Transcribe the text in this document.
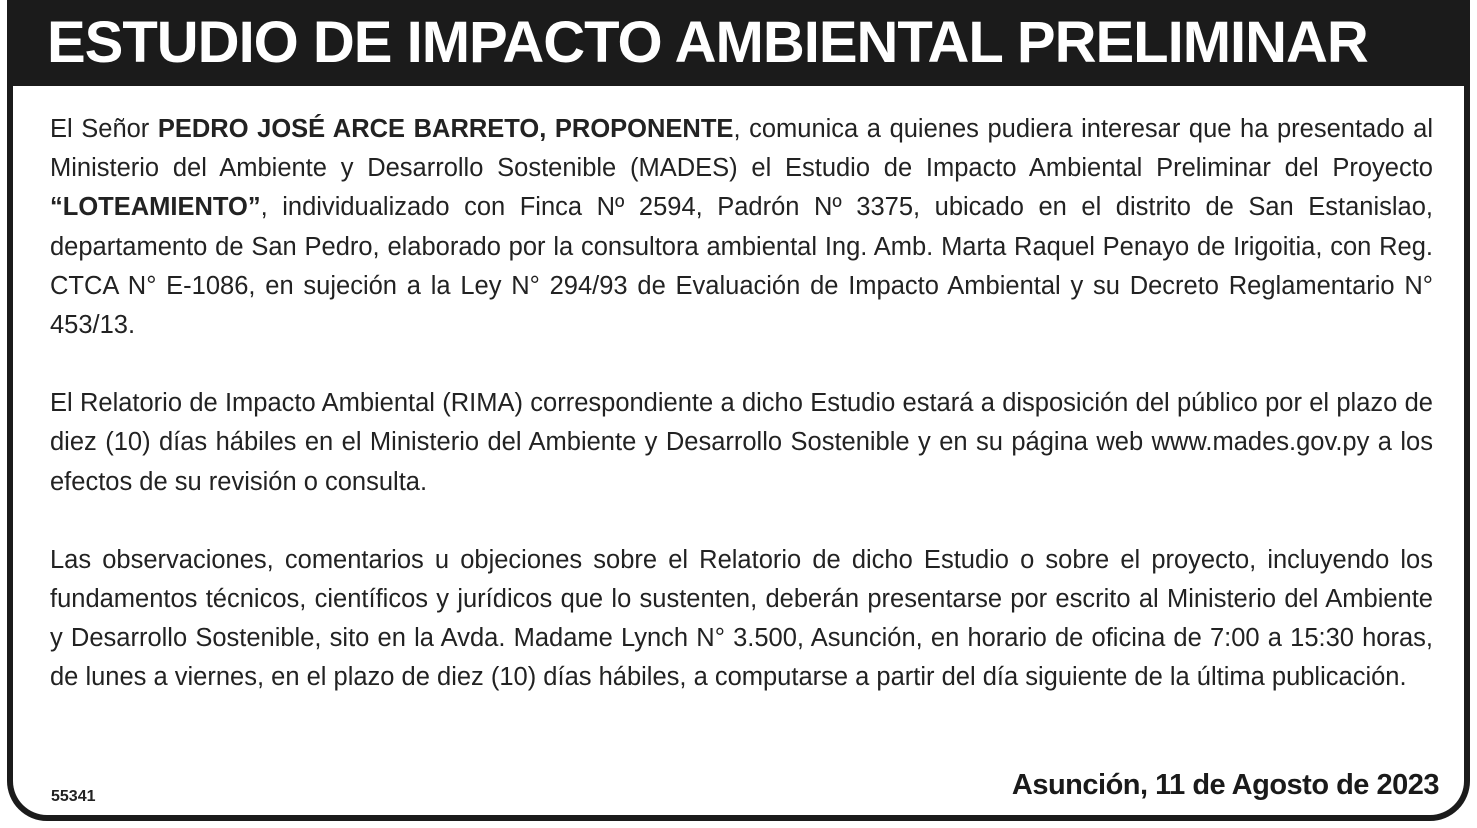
ESTUDIO DE IMPACTO AMBIENTAL PRELIMINAR

El Señor PEDRO JOSÉ ARCE BARRETO, PROPONENTE, comunica a quienes pudiera interesar que ha presentado al Ministerio del Ambiente y Desarrollo Sostenible (MADES) el Estudio de Impacto Ambiental Preliminar del Proyecto “LOTEAMIENTO”, individualizado con Finca Nº 2594, Padrón Nº 3375, ubicado en el distrito de San Estanislao, departamento de San Pedro, elaborado por la consultora ambiental Ing. Amb. Marta Raquel Penayo de Irigoitia, con Reg. CTCA N° E-1086, en sujeción a la Ley N° 294/93 de Evaluación de Impacto Ambiental y su Decreto Reglamentario N° 453/13.

El Relatorio de Impacto Ambiental (RIMA) correspondiente a dicho Estudio estará a disposición del público por el plazo de diez (10) días hábiles en el Ministerio del Ambiente y Desarrollo Sostenible y en su página web www.mades.gov.py a los efectos de su revisión o consulta.

Las observaciones, comentarios u objeciones sobre el Relatorio de dicho Estudio o sobre el proyecto, incluyendo los fundamentos técnicos, científicos y jurídicos que lo sustenten, deberán presentarse por escrito al Ministerio del Ambiente y Desarrollo Sostenible, sito en la Avda. Madame Lynch N° 3.500, Asunción, en horario de oficina de 7:00 a 15:30 horas, de lunes a viernes, en el plazo de diez (10) días hábiles, a computarse a partir del día siguiente de la última publicación.

55341	Asunción, 11 de Agosto de 2023
